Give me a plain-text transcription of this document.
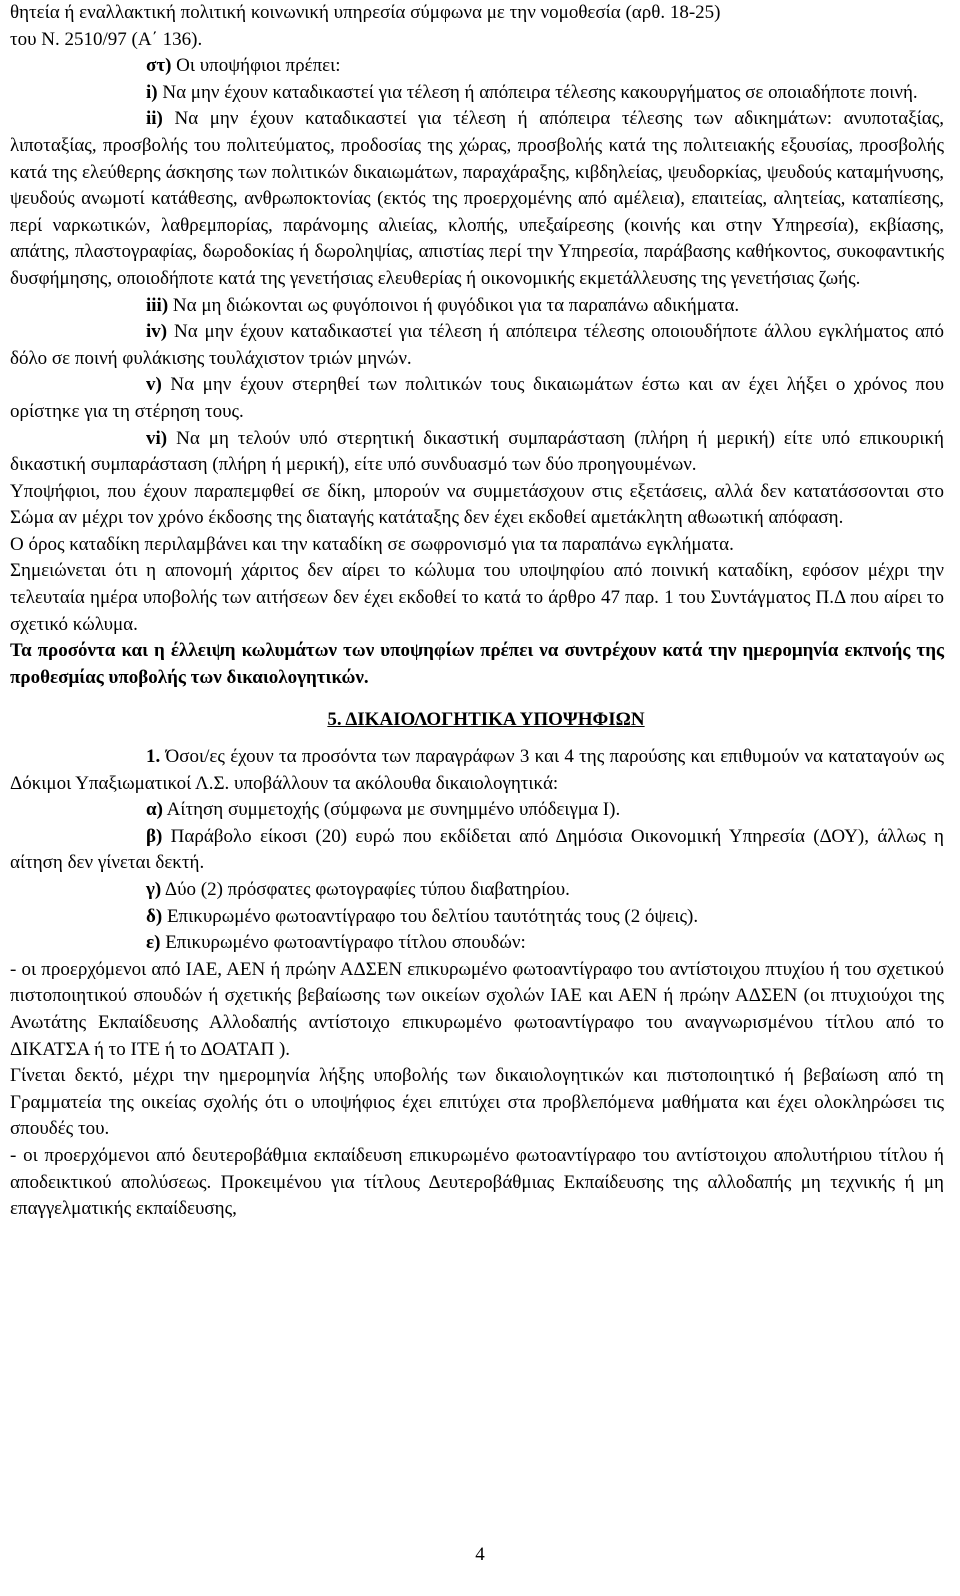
θητεία ή εναλλακτική πολιτική κοινωνική υπηρεσία σύμφωνα με την νομοθεσία (αρθ. 18-25)
του Ν. 2510/97 (Α΄ 136).

στ) Οι υποψήφιοι πρέπει:

i) Να μην έχουν καταδικαστεί για τέλεση ή απόπειρα τέλεσης κακουργήματος σε οποιαδήποτε ποινή.

ii) Να μην έχουν καταδικαστεί για τέλεση ή απόπειρα τέλεσης των αδικημάτων: ανυποταξίας, λιποταξίας, προσβολής του πολιτεύματος, προδοσίας της χώρας, προσβολής κατά της πολιτειακής εξουσίας, προσβολής κατά της ελεύθερης άσκησης των πολιτικών δικαιωμάτων, παραχάραξης, κιβδηλείας, ψευδορκίας, ψευδούς καταμήνυσης, ψευδούς ανωμοτί κατάθεσης, ανθρωποκτονίας (εκτός της προερχομένης από αμέλεια), επαιτείας, αλητείας, καταπίεσης, περί ναρκωτικών, λαθρεμπορίας, παράνομης αλιείας, κλοπής, υπεξαίρεσης (κοινής και στην Υπηρεσία), εκβίασης, απάτης, πλαστογραφίας, δωροδοκίας ή δωροληψίας, απιστίας περί την Υπηρεσία, παράβασης καθήκοντος, συκοφαντικής δυσφήμησης, οποιοδήποτε κατά της γενετήσιας ελευθερίας ή οικονομικής εκμετάλλευσης της γενετήσιας ζωής.

iii) Να μη διώκονται ως φυγόποινοι ή φυγόδικοι για τα παραπάνω αδικήματα.

iv) Να μην έχουν καταδικαστεί για τέλεση ή απόπειρα τέλεσης οποιουδήποτε άλλου εγκλήματος από δόλο σε ποινή φυλάκισης τουλάχιστον τριών μηνών.

v) Να μην έχουν στερηθεί των πολιτικών τους δικαιωμάτων έστω και αν έχει λήξει ο χρόνος που ορίστηκε για τη στέρηση τους.

vi) Να μη τελούν υπό στερητική δικαστική συμπαράσταση (πλήρη ή μερική) είτε υπό επικουρική δικαστική συμπαράσταση (πλήρη ή μερική), είτε υπό συνδυασμό των δύο προηγουμένων.

Υποψήφιοι, που έχουν παραπεμφθεί σε δίκη, μπορούν να συμμετάσχουν στις εξετάσεις, αλλά δεν κατατάσσονται στο Σώμα αν μέχρι τον χρόνο έκδοσης της διαταγής κατάταξης δεν έχει εκδοθεί αμετάκλητη αθωωτική απόφαση.

Ο όρος καταδίκη περιλαμβάνει και την καταδίκη σε σωφρονισμό για τα παραπάνω εγκλήματα.

Σημειώνεται ότι η απονομή χάριτος δεν αίρει το κώλυμα του υποψηφίου από ποινική καταδίκη, εφόσον μέχρι την τελευταία ημέρα υποβολής των αιτήσεων δεν έχει εκδοθεί το κατά το άρθρο 47 παρ. 1 του Συντάγματος Π.Δ που αίρει το σχετικό κώλυμα.

Τα προσόντα και η έλλειψη κωλυμάτων των υποψηφίων πρέπει να συντρέχουν κατά την ημερομηνία εκπνοής της προθεσμίας υποβολής των δικαιολογητικών.

5. ΔΙΚΑΙΟΛΟΓΗΤΙΚΑ ΥΠΟΨΗΦΙΩΝ

1. Όσοι/ες έχουν τα προσόντα των παραγράφων 3 και 4 της παρούσης και επιθυμούν να καταταγούν ως Δόκιμοι Υπαξιωματικοί Λ.Σ. υποβάλλουν τα ακόλουθα δικαιολογητικά:

α) Αίτηση συμμετοχής (σύμφωνα με συνημμένο υπόδειγμα Ι).

β) Παράβολο είκοσι (20) ευρώ που εκδίδεται από Δημόσια Οικονομική Υπηρεσία (ΔΟΥ), άλλως η αίτηση δεν γίνεται δεκτή.

γ) Δύο (2) πρόσφατες φωτογραφίες τύπου διαβατηρίου.

δ) Επικυρωμένο φωτοαντίγραφο του δελτίου ταυτότητάς τους (2 όψεις).

ε) Επικυρωμένο φωτοαντίγραφο τίτλου σπουδών:

- οι προερχόμενοι από ΙΑΕ, ΑΕΝ ή πρώην ΑΔΣΕΝ επικυρωμένο φωτοαντίγραφο του αντίστοιχου πτυχίου ή του σχετικού πιστοποιητικού σπουδών ή σχετικής βεβαίωσης των οικείων σχολών ΙΑΕ και ΑΕΝ ή πρώην ΑΔΣΕΝ (οι πτυχιούχοι της Ανωτάτης Εκπαίδευσης Αλλοδαπής αντίστοιχο επικυρωμένο φωτοαντίγραφο του αναγνωρισμένου τίτλου από το ΔΙΚΑΤΣΑ ή το ΙΤΕ ή το ΔΟΑΤΑΠ ).

Γίνεται δεκτό, μέχρι την ημερομηνία λήξης υποβολής των δικαιολογητικών και πιστοποιητικό ή βεβαίωση από τη Γραμματεία της οικείας σχολής ότι ο υποψήφιος έχει επιτύχει στα προβλεπόμενα μαθήματα και έχει ολοκληρώσει τις σπουδές του.

- οι προερχόμενοι από δευτεροβάθμια εκπαίδευση επικυρωμένο φωτοαντίγραφο του αντίστοιχου απολυτήριου τίτλου ή αποδεικτικού απολύσεως. Προκειμένου για τίτλους Δευτεροβάθμιας Εκπαίδευσης της αλλοδαπής μη τεχνικής ή μη επαγγελματικής εκπαίδευσης,

4
